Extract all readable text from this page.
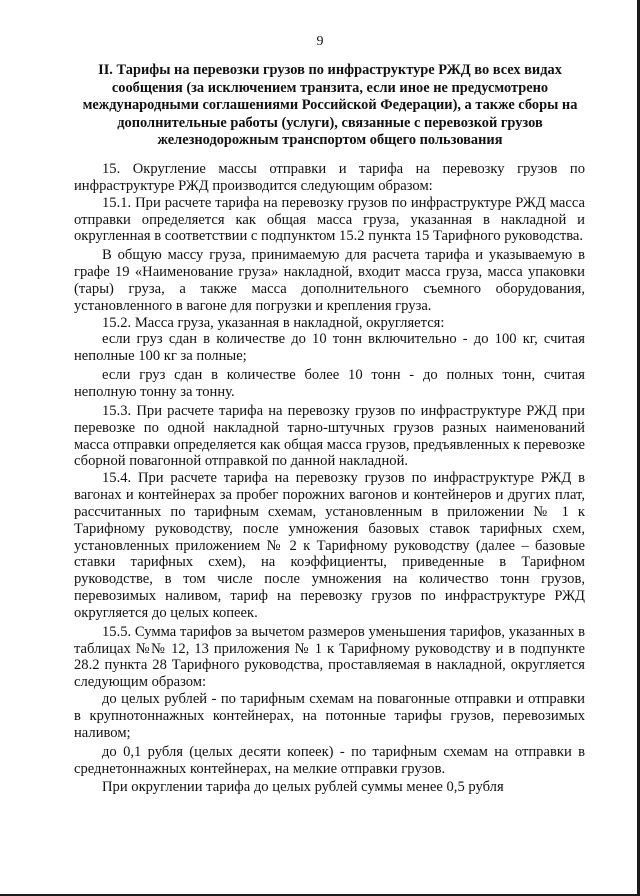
9
II. Тарифы на перевозки грузов по инфраструктуре РЖД во всех видах сообщения (за исключением транзита, если иное не предусмотрено международными соглашениями Российской Федерации), а также сборы на дополнительные работы (услуги), связанные с перевозкой грузов железнодорожным транспортом общего пользования

15. Округление массы отправки и тарифа на перевозку грузов по инфраструктуре РЖД производится следующим образом:

15.1. При расчете тарифа на перевозку грузов по инфраструктуре РЖД масса отправки определяется как общая масса груза, указанная в накладной и округленная в соответствии с подпунктом 15.2 пункта 15 Тарифного руководства.

В общую массу груза, принимаемую для расчета тарифа и указываемую в графе 19 «Наименование груза» накладной, входит масса груза, масса упаковки (тары) груза, а также масса дополнительного съемного оборудования, установленного в вагоне для погрузки и крепления груза.

15.2. Масса груза, указанная в накладной, округляется:

если груз сдан в количестве до 10 тонн включительно - до 100 кг, считая неполные 100 кг за полные;

если груз сдан в количестве более 10 тонн - до полных тонн, считая неполную тонну за тонну.

15.3. При расчете тарифа на перевозку грузов по инфраструктуре РЖД при перевозке по одной накладной тарно-штучных грузов разных наименований масса отправки определяется как общая масса грузов, предъявленных к перевозке сборной повагонной отправкой по данной накладной.

15.4. При расчете тарифа на перевозку грузов по инфраструктуре РЖД в вагонах и контейнерах за пробег порожних вагонов и контейнеров и других плат, рассчитанных по тарифным схемам, установленным в приложении № 1 к Тарифному руководству, после умножения базовых ставок тарифных схем, установленных приложением № 2 к Тарифному руководству (далее – базовые ставки тарифных схем), на коэффициенты, приведенные в Тарифном руководстве, в том числе после умножения на количество тонн грузов, перевозимых наливом, тариф на перевозку грузов по инфраструктуре РЖД округляется до целых копеек.

15.5. Сумма тарифов за вычетом размеров уменьшения тарифов, указанных в таблицах №№ 12, 13 приложения № 1 к Тарифному руководству и в подпункте 28.2 пункта 28 Тарифного руководства, проставляемая в накладной, округляется следующим образом:

до целых рублей - по тарифным схемам на повагонные отправки и отправки в крупнотоннажных контейнерах, на потонные тарифы грузов, перевозимых наливом;

до 0,1 рубля (целых десяти копеек) - по тарифным схемам на отправки в среднетоннажных контейнерах, на мелкие отправки грузов.

При округлении тарифа до целых рублей суммы менее 0,5 рубля
